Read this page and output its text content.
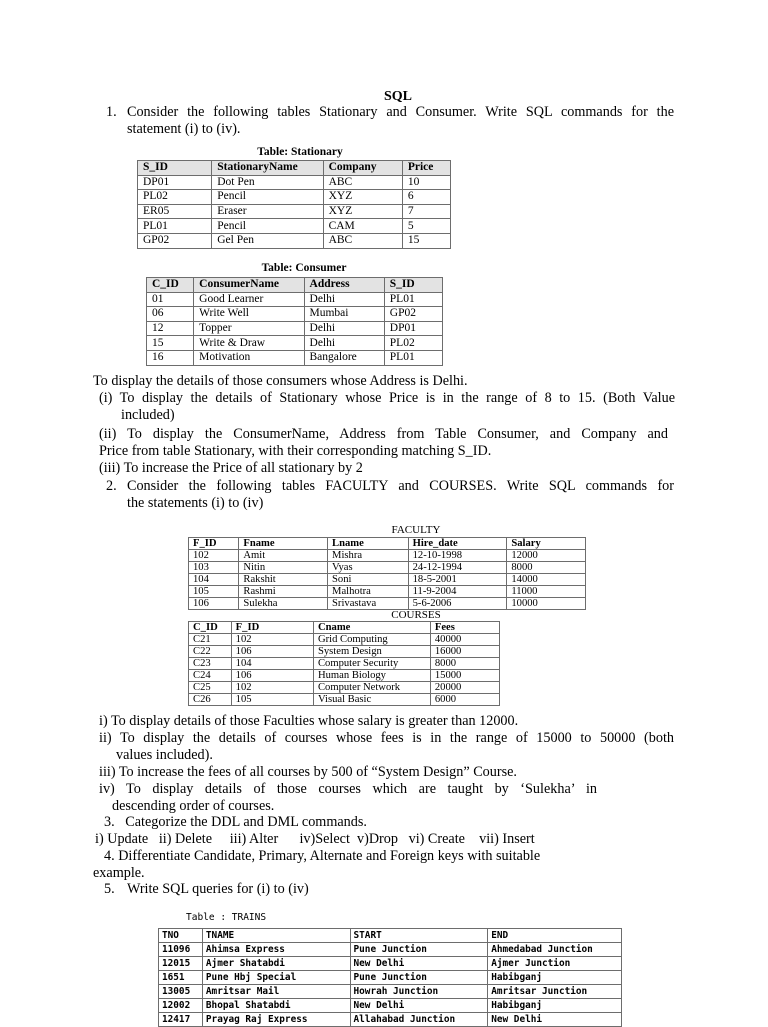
SQL
1. Consider the following tables Stationary and Consumer. Write SQL commands for the
statement (i) to (iv).
Table: Stationary
S_ID	StationaryName	Company	Price
DP01	Dot Pen	ABC	10
PL02	Pencil	XYZ	6
ER05	Eraser	XYZ	7
PL01	Pencil	CAM	5
GP02	Gel Pen	ABC	15
Table: Consumer
C_ID	ConsumerName	Address	S_ID
01	Good Learner	Delhi	PL01
06	Write Well	Mumbai	GP02
12	Topper	Delhi	DP01
15	Write & Draw	Delhi	PL02
16	Motivation	Bangalore	PL01
To display the details of those consumers whose Address is Delhi.
(i) To display the details of Stationary whose Price is in the range of 8 to 15. (Both Value
included)
(ii) To display the ConsumerName, Address from Table Consumer, and Company and
Price from table Stationary, with their corresponding matching S_ID.
(iii) To increase the Price of all stationary by 2
2. Consider the following tables FACULTY and COURSES. Write SQL commands for
the statements (i) to (iv)
FACULTY
F_ID	Fname	Lname	Hire_date	Salary
102	Amit	Mishra	12-10-1998	12000
103	Nitin	Vyas	24-12-1994	8000
104	Rakshit	Soni	18-5-2001	14000
105	Rashmi	Malhotra	11-9-2004	11000
106	Sulekha	Srivastava	5-6-2006	10000
COURSES
C_ID	F_ID	Cname	Fees
C21	102	Grid Computing	40000
C22	106	System Design	16000
C23	104	Computer Security	8000
C24	106	Human Biology	15000
C25	102	Computer Network	20000
C26	105	Visual Basic	6000
i) To display details of those Faculties whose salary is greater than 12000.
ii) To display the details of courses whose fees is in the range of 15000 to 50000 (both
values included).
iii) To increase the fees of all courses by 500 of “System Design” Course.
iv) To display details of those courses which are taught by ‘Sulekha’ in
descending order of courses.
3.   Categorize the DDL and DML commands.
i) Update   ii) Delete     iii) Alter      iv)Select  v)Drop   vi) Create    vii) Insert
4. Differentiate Candidate, Primary, Alternate and Foreign keys with suitable
example.
5. Write SQL queries for (i) to (iv)
Table : TRAINS
TNO	TNAME	START	END
11096	Ahimsa Express	Pune Junction	Ahmedabad Junction
12015	Ajmer Shatabdi	New Delhi	Ajmer Junction
1651	Pune Hbj Special	Pune Junction	Habibganj
13005	Amritsar Mail	Howrah Junction	Amritsar Junction
12002	Bhopal Shatabdi	New Delhi	Habibganj
12417	Prayag Raj Express	Allahabad Junction	New Delhi
